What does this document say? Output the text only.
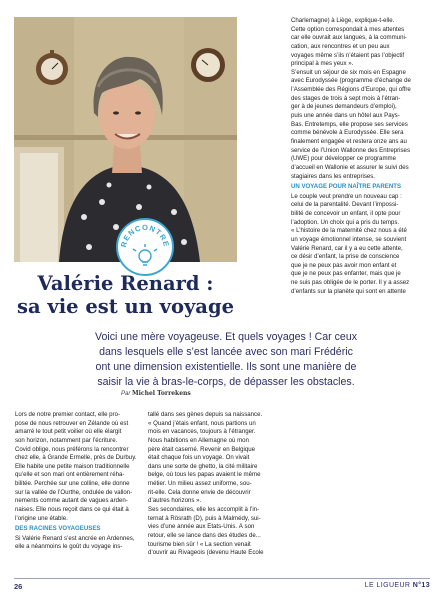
RENCONTRE
Valérie Renard :
sa vie est un voyage
Voici une mère voyageuse. Et quels voyages ! Car ceux
dans lesquels elle s’est lancée avec son mari Frédéric
ont une dimension existentielle. Ils sont une manière de
saisir la vie à bras-le-corps, de dépasser les obstacles.
Par Michel Torrekens
Lors de notre premier contact, elle pro-
pose de nous retrouver en Zélande où est
amarré le tout petit voilier où elle élargit
son horizon, notamment par l’écriture.
Covid oblige, nous préférons la rencontrer
chez elle, à Grande Ermelle, près de Durbuy.
Elle habite une petite maison traditionnelle
qu’elle et son mari ont entièrement réha-
bilitée. Perchée sur une colline, elle donne
sur la vallée de l’Ourthe, ondulée de vallon-
nements comme autant de vagues arden-
naises. Elle nous reçoit dans ce qui était à
l’origine une étable.
DES RACINES VOYAGEUSES
Si Valérie Renard s’est ancrée en Ardennes,
elle a néanmoins le goût du voyage ins-
tallé dans ses gènes depuis sa naissance.
« Quand j’étais enfant, nous partions un
mois en vacances, toujours à l’étranger.
Nous habitions en Allemagne où mon
père était caserné. Revenir en Belgique
était chaque fois un voyage. On vivait
dans une sorte de ghetto, la cité militaire
belge, où tous les papas avaient le même
métier. Un milieu assez uniforme, sou-
rit-elle. Cela donne envie de découvrir
d’autres horizons ».
Ses secondaires, elle les accomplit à l’in-
ternat à Rösrath (D), puis à Malmédy, sui-
vies d’une année aux États-Unis. À son
retour, elle se lance dans des études de...
tourisme bien sûr ! « La section venait
d’ouvrir au Rivageois (devenu Haute École
Charlemagne) à Liège, explique-t-elle.
Cette option correspondait à mes attentes
car elle ouvrait aux langues, à la communi-
cation, aux rencontres et un peu aux
voyages même s’ils n’étaient pas l’objectif
principal à mes yeux ».
S’ensuit un séjour de six mois en Espagne
avec Eurodyssée (programme d’échange de
l’Assemblée des Régions d’Europe, qui offre
des stages de trois à sept mois à l’étran-
ger à de jeunes demandeurs d’emploi),
puis une année dans un hôtel aux Pays-
Bas. Entretemps, elle propose ses services
comme bénévole à Eurodyssée. Elle sera
finalement engagée et restera onze ans au
service de l’Union Wallonne des Entreprises
(UWE) pour développer ce programme
d’accueil en Wallonie et assurer le suivi des
stagiaires dans les entreprises.
UN VOYAGE POUR NAÎTRE PARENTS
Le couple veut prendre un nouveau cap :
celui de la parentalité. Devant l’impossi-
bilité de concevoir un enfant, il opte pour
l’adoption. Un choix qui a pris du temps.
« L’histoire de la maternité chez nous a été
un voyage émotionnel intense, se souvient
Valérie Renard, car il y a eu cette attente,
ce désir d’enfant, la prise de conscience
que je ne peux pas avoir mon enfant et
que je ne peux pas enfanter, mais que je
ne suis pas obligée de le porter. Il y a assez
d’enfants sur la planète qui sont en attente
26	LE LIGUEUR N°13
